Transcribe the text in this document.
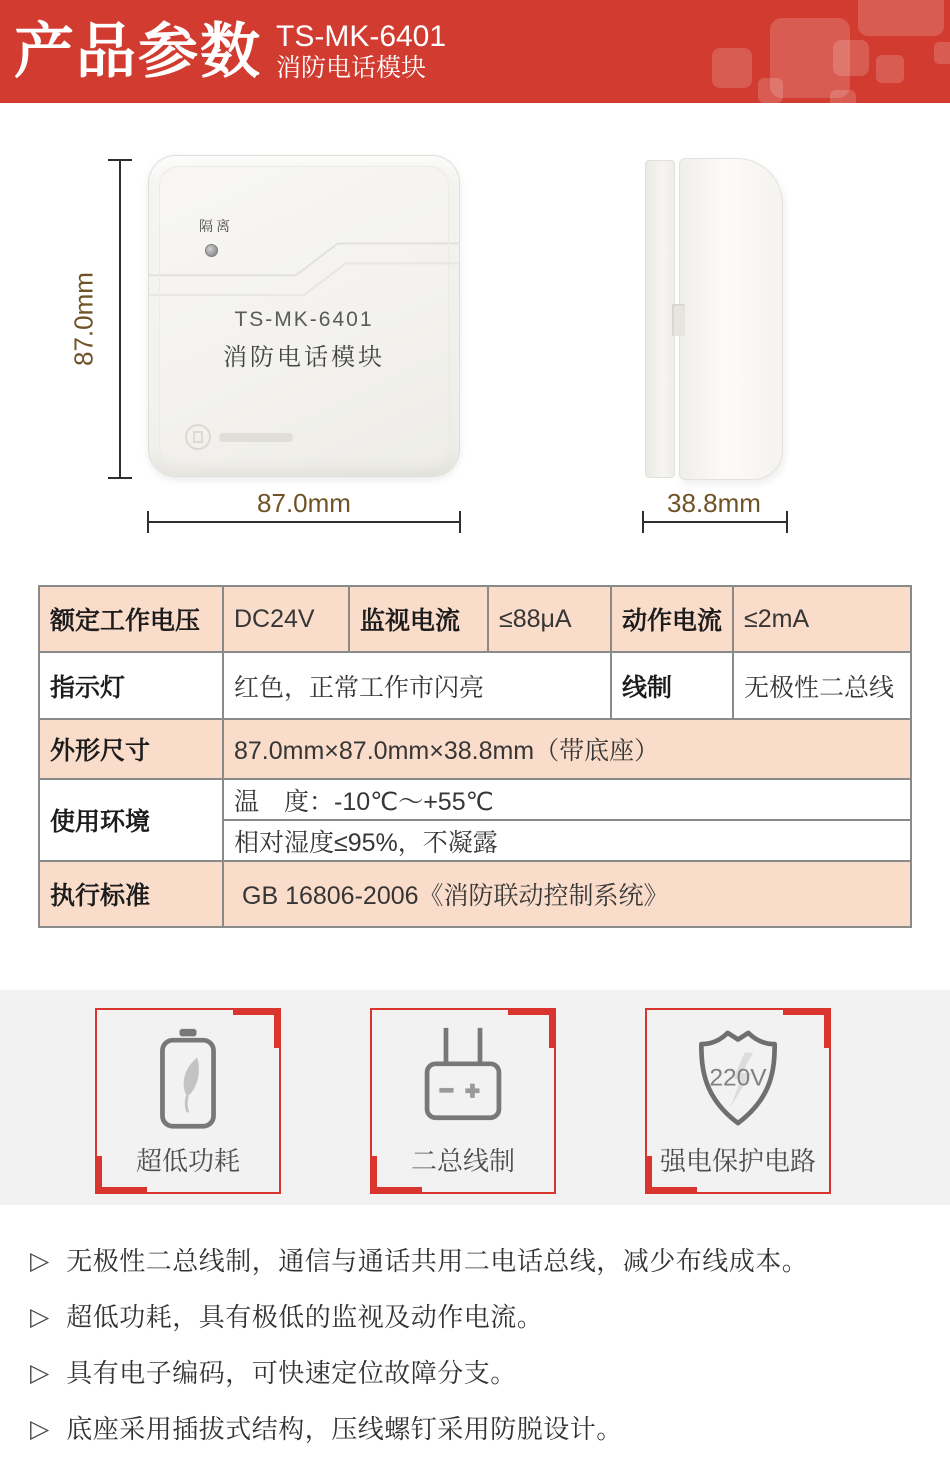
产品参数 TS-MK-6401
消防电话模块
87.0mm
隔离
TS-MK-6401
消防电话模块
87.0mm	38.8mm
额定工作电压	DC24V	监视电流	≤88μA	动作电流 ≤2mA
指示灯	红色，正常工作市闪亮	线制	无极性二总线
外形尺寸	87.0mm×87.0mm×38.8mm（带底座）
使用环境
温　度：-10℃～+55℃
相对湿度≤95%，不凝露
执行标准	GB 16806-2006《消防联动控制系统》
超低功耗	二总线制
220V
强电保护电路
▷ 无极性二总线制，通信与通话共用二电话总线，减少布线成本。
▷ 超低功耗，具有极低的监视及动作电流。
▷ 具有电子编码，可快速定位故障分支。
▷ 底座采用插拔式结构，压线螺钉采用防脱设计。
